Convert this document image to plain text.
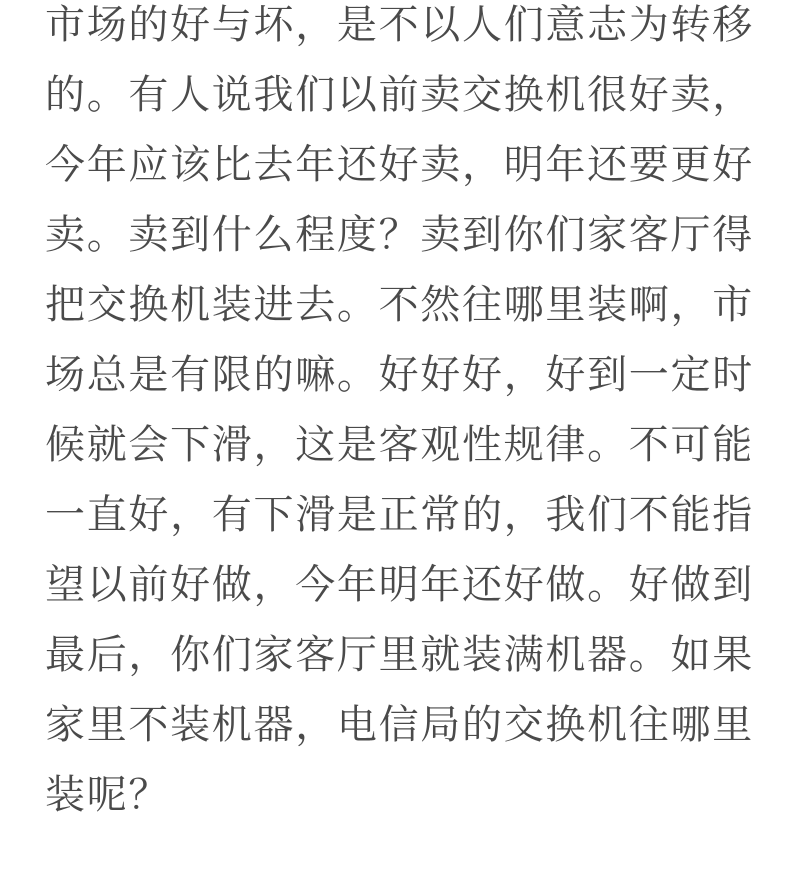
市场的好与坏，是不以人们意志为转移
的。有人说我们以前卖交换机很好卖，
今年应该比去年还好卖，明年还要更好
卖。卖到什么程度？卖到你们家客厅得
把交换机装进去。不然往哪里装啊，市
场总是有限的嘛。好好好，好到一定时
候就会下滑，这是客观性规律。不可能
一直好，有下滑是正常的，我们不能指
望以前好做，今年明年还好做。好做到
最后，你们家客厅里就装满机器。如果
家里不装机器，电信局的交换机往哪里
装呢？
